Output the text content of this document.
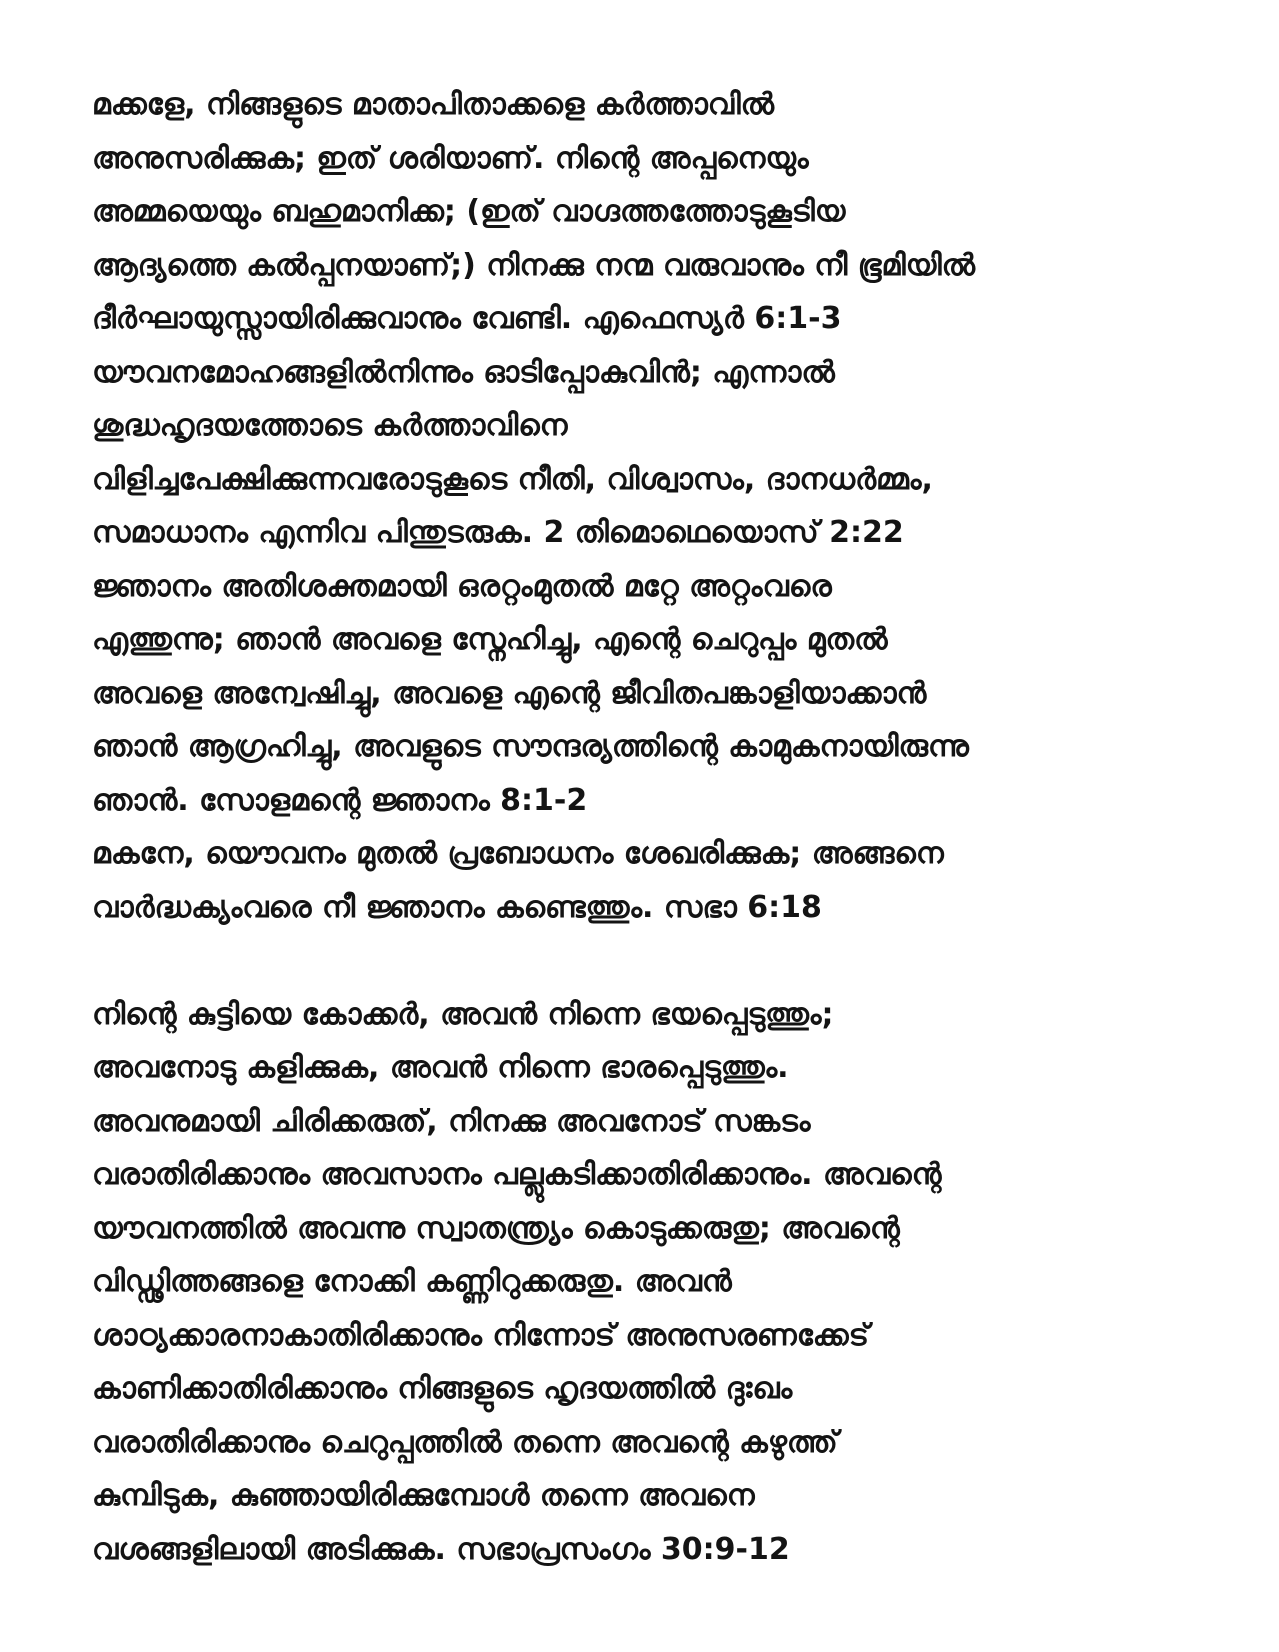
മക്കളേ, നിങ്ങളുടെ മാതാപിതാക്കളെ കർത്താവിൽ
അനുസരിക്കുക; ഇത് ശരിയാണ്. നിന്റെ അപ്പനെയും
അമ്മയെയും ബഹുമാനിക്ക; (ഇത് വാഗ്ദത്തത്തോടുകൂടിയ
ആദ്യത്തെ കൽപ്പനയാണ്;) നിനക്കു നന്മ വരുവാനും നീ ഭൂമിയിൽ
ദീർഘായുസ്സായിരിക്കുവാനും വേണ്ടി. എഫെസ്യർ 6:1-3
യൗവനമോഹങ്ങളിൽനിന്നും ഓടിപ്പോകുവിൻ; എന്നാൽ
ശുദ്ധഹൃദയത്തോടെ കർത്താവിനെ
വിളിച്ചപേക്ഷിക്കുന്നവരോടുകൂടെ നീതി, വിശ്വാസം, ദാനധർമ്മം,
സമാധാനം എന്നിവ പിന്തുടരുക. 2 തിമൊഥെയൊസ് 2:22
ജ്ഞാനം അതിശക്തമായി ഒരറ്റംമുതൽ മറ്റേ അറ്റംവരെ
എത്തുന്നു; ഞാൻ അവളെ സ്നേഹിച്ചു, എന്റെ ചെറുപ്പം മുതൽ
അവളെ അന്വേഷിച്ചു, അവളെ എന്റെ ജീവിതപങ്കാളിയാക്കാൻ
ഞാൻ ആഗ്രഹിച്ചു, അവളുടെ സൗന്ദര്യത്തിന്റെ കാമുകനായിരുന്നു
ഞാൻ. സോളമന്റെ ജ്ഞാനം 8:1-2
മകനേ, യൌവനം മുതൽ പ്രബോധനം ശേഖരിക്കുക; അങ്ങനെ
വാർദ്ധക്യംവരെ നീ ജ്ഞാനം കണ്ടെത്തും. സഭാ 6:18
നിന്റെ കുട്ടിയെ കോക്കർ, അവൻ നിന്നെ ഭയപ്പെടുത്തും;
അവനോടു കളിക്കുക, അവൻ നിന്നെ ഭാരപ്പെടുത്തും.
അവനുമായി ചിരിക്കരുത്, നിനക്കു അവനോട് സങ്കടം
വരാതിരിക്കാനും അവസാനം പല്ലുകടിക്കാതിരിക്കാനും. അവന്റെ
യൗവനത്തിൽ അവന്നു സ്വാതന്ത്ര്യം കൊടുക്കരുതു; അവന്റെ
വിഡ്ഢിത്തങ്ങളെ നോക്കി കണ്ണിറുക്കരുതു. അവൻ
ശാഠ്യക്കാരനാകാതിരിക്കാനും നിന്നോട് അനുസരണക്കേട്
കാണിക്കാതിരിക്കാനും നിങ്ങളുടെ ഹൃദയത്തിൽ ദുഃഖം
വരാതിരിക്കാനും ചെറുപ്പത്തിൽ തന്നെ അവന്റെ കഴുത്ത്
കുമ്പിടുക, കുഞ്ഞായിരിക്കുമ്പോൾ തന്നെ അവനെ
വശങ്ങളിലായി അടിക്കുക. സഭാപ്രസംഗം 30:9-12
